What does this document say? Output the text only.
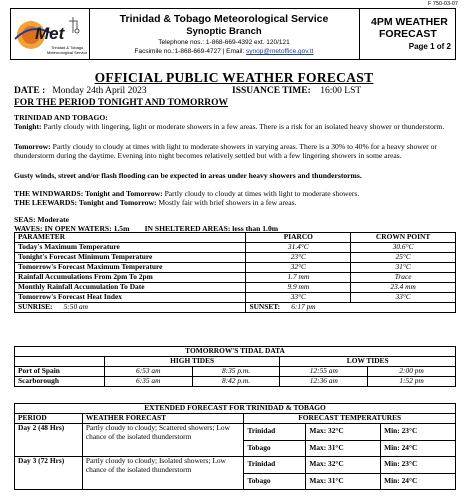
F 750-03-07
Met
Trinidad & Tobago
Meteorological Service
Trinidad & Tobago Meteorological Service
Synoptic Branch
Telephone nos.: 1-868-669-4392 ext. 120/121
Facsimile no.:1-868-669-4727 | Email: synop@metoffice.gov.tt
4PM WEATHER
FORECAST
Page 1 of 2
OFFICIAL PUBLIC WEATHER FORECAST
DATE : Monday 24th April 2023	ISSUANCE TIME: 16:00 LST
FOR THE PERIOD TONIGHT AND TOMORROW
TRINIDAD AND TOBAGO:
Tonight: Partly cloudy with lingering, light or moderate showers in a few areas. There is a risk for an isolated heavy shower or thunderstorm.
Tomorrow: Partly cloudy to cloudy at times with light to moderate showers in varying areas. There is a 30% to 40% for a heavy shower or thunderstorm during the daytime. Evening into night becomes relatively settled but with a few lingering showers in some areas.
Gusty winds, street and/or flash flooding can be expected in areas under heavy showers and thunderstorms.
THE WINDWARDS: Tonight and Tomorrow: Partly cloudy to cloudy at times with light to moderate showers.
THE LEEWARDS: Tonight and Tomorrow: Mostly fair with brief showers in a few areas.
SEAS: Moderate
WAVES: IN OPEN WATERS: 1.5m IN SHELTERED AREAS: less than 1.0m
PARAMETER	PIARCO	CROWN POINT
Today's Maximum Temperature	31.4°C	30.6°C
Tonight's Forecast Minimum Temperature	23°C	25°C
Tomorrow's Forecast Maximum Temperature	32°C	31°C
Rainfall Accumulations From 2pm To 2pm	1.7 mm	Trace
Monthly Rainfall Accumulation To Date	9.9 mm	23.4 mm
Tomorrow's Forecast Heat Index	33°C	33°C
SUNRISE: 5:50 am	SUNSET: 6:17 pm	
TOMORROW'S TIDAL DATA				
	HIGH TIDES		LOW TIDES	
Port of Spain	6:53 am	8:35 p.m.	12:55 am	2:00 pm
Scarborough	6:35 am	8:42 p.m.	12:36 am	1:52 pm
EXTENDED FORECAST FOR TRINIDAD & TOBAGO				
PERIOD	WEATHER FORECAST	FORECAST TEMPERATURES		
Day 2 (48 Hrs)	Partly cloudy to cloudy; Scattered showers; Low chance of the isolated thunderstorm	Trinidad	Max: 32°C	Min: 23°C
		Tobago	Max: 31°C	Min: 24°C
Day 3 (72 Hrs)	Partly cloudy to cloudy; Isolated showers; Low chance of the isolated thunderstorm	Trinidad	Max: 32°C	Min: 23°C
		Tobago	Max: 31°C	Min: 24°C
